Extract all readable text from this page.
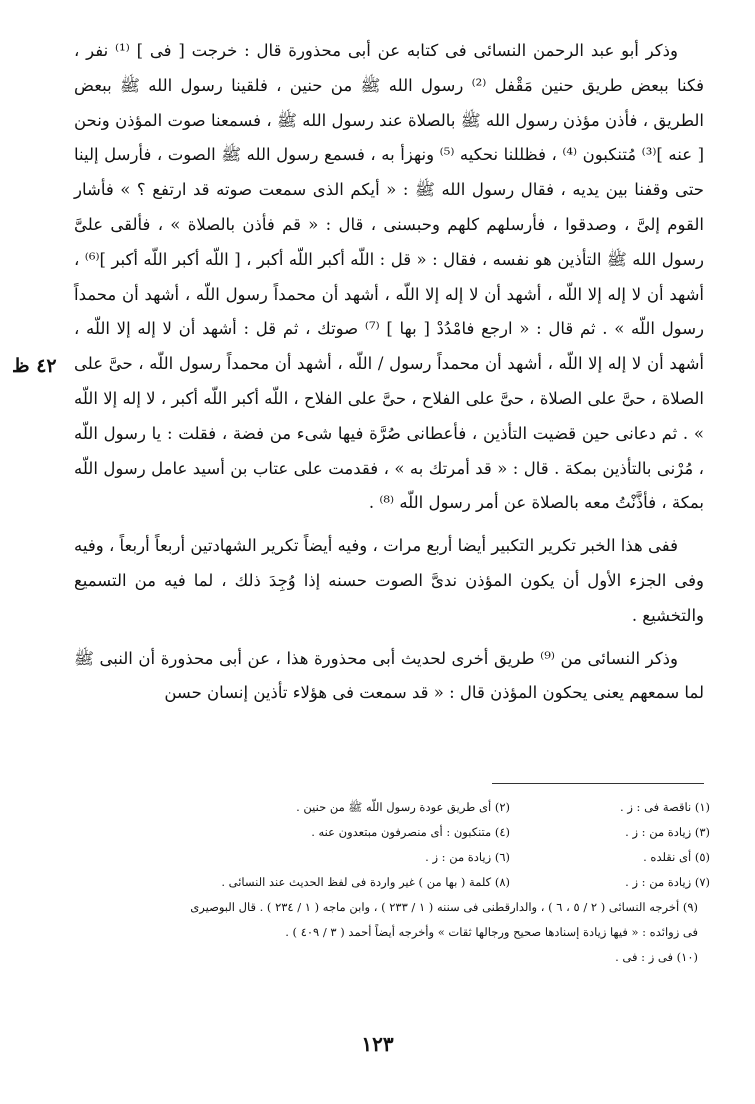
وذكر أبو عبد الرحمن النسائى فى كتابه عن أبى محذورة قال : خرجت [ فى ] ⁽¹⁾ نفر ، فكنا ببعض طريق حنين مَقْفل ⁽²⁾ رسول الله ﷺ من حنين ، فلقينا رسول الله ﷺ ببعض الطريق ، فأذن مؤذن رسول الله ﷺ بالصلاة عند رسول الله ﷺ ، فسمعنا صوت المؤذن ونحن [ عنه ]⁽³⁾ مُتنكبون ⁽⁴⁾ ، فظللنا نحكيه ⁽⁵⁾ ونهزأ به ، فسمع رسول الله ﷺ الصوت ، فأرسل إلينا حتى وقفنا بين يديه ، فقال رسول الله ﷺ : « أيكم الذى سمعت صوته قد ارتفع ؟ » فأشار القوم إلىَّ ، وصدقوا ، فأرسلهم كلهم وحبسنى ، قال : « قم فأذن بالصلاة » ، فألقى علىَّ رسول الله ﷺ التأذين هو نفسه ، فقال : « قل : اللّه أكبر اللّه أكبر ، [ اللّه أكبر اللّه أكبر ]⁽⁶⁾ ، أشهد أن لا إله إلا اللّه ، أشهد أن لا إله إلا اللّه ، أشهد أن محمداً رسول اللّه ، أشهد أن محمداً رسول اللّه » . ثم قال : « ارجع فامْدُدْ [ بها ] ⁽⁷⁾ صوتك ، ثم قل : أشهد أن لا إله إلا اللّه ، أشهد أن لا إله إلا اللّه ، أشهد أن محمداً رسول / اللّه ، أشهد أن محمداً رسول اللّه ، حىَّ على الصلاة ، حىَّ على الصلاة ، حىَّ على الفلاح ، حىَّ على الفلاح ، اللّه أكبر اللّه أكبر ، لا إله إلا اللّه » . ثم دعانى حين قضيت التأذين ، فأعطانى صُرَّة فيها شىء من فضة ، فقلت : يا رسول اللّه ، مُرْنى بالتأذين بمكة . قال : « قد أمرتك به » ، فقدمت على عتاب بن أسيد عامل رسول اللّه بمكة ، فأذَّنْتُ معه بالصلاة عن أمر رسول اللّه ⁽⁸⁾ .

ففى هذا الخبر تكرير التكبير أيضا أربع مرات ، وفيه أيضاً تكرير الشهادتين أربعاً أربعاً ، وفيه وفى الجزء الأول أن يكون المؤذن ندىَّ الصوت حسنه إذا وُجِدَ ذلك ، لما فيه من التسميع والتخشيع .

وذكر النسائى من ⁽⁹⁾ طريق أخرى لحديث أبى محذورة هذا ، عن أبى محذورة أن النبى ﷺ لما سمعهم يعنى يحكون المؤذن قال : « قد سمعت فى هؤلاء تأذين إنسان حسن

٤٢ ظ
(١) ناقصة فى : ز .
(٢) أى طريق عودة رسول اللّه ﷺ من حنين .
(٣) زيادة من : ز .
(٤) متنكبون : أى منصرفون مبتعدون عنه .
(٥) أى نقلده .
(٦) زيادة من : ز .
(٧) زيادة من : ز .
(٨) كلمة ( بها من ) غير واردة فى لفظ الحديث عند النسائى .
(٩) أخرجه النسائى ( ٢ / ٥ ، ٦ ) ، والدارقطنى فى سننه ( ١ / ٢٣٣ ) ، وابن ماجه ( ١ / ٢٣٤ ) . قال البوصيرى
فى زوائده : « فيها زيادة إسنادها صحيح ورجالها ثقات » وأخرجه أيضاً أحمد ( ٣ / ٤٠٩ ) .
(١٠) فى ز : فى .
١٢٣
